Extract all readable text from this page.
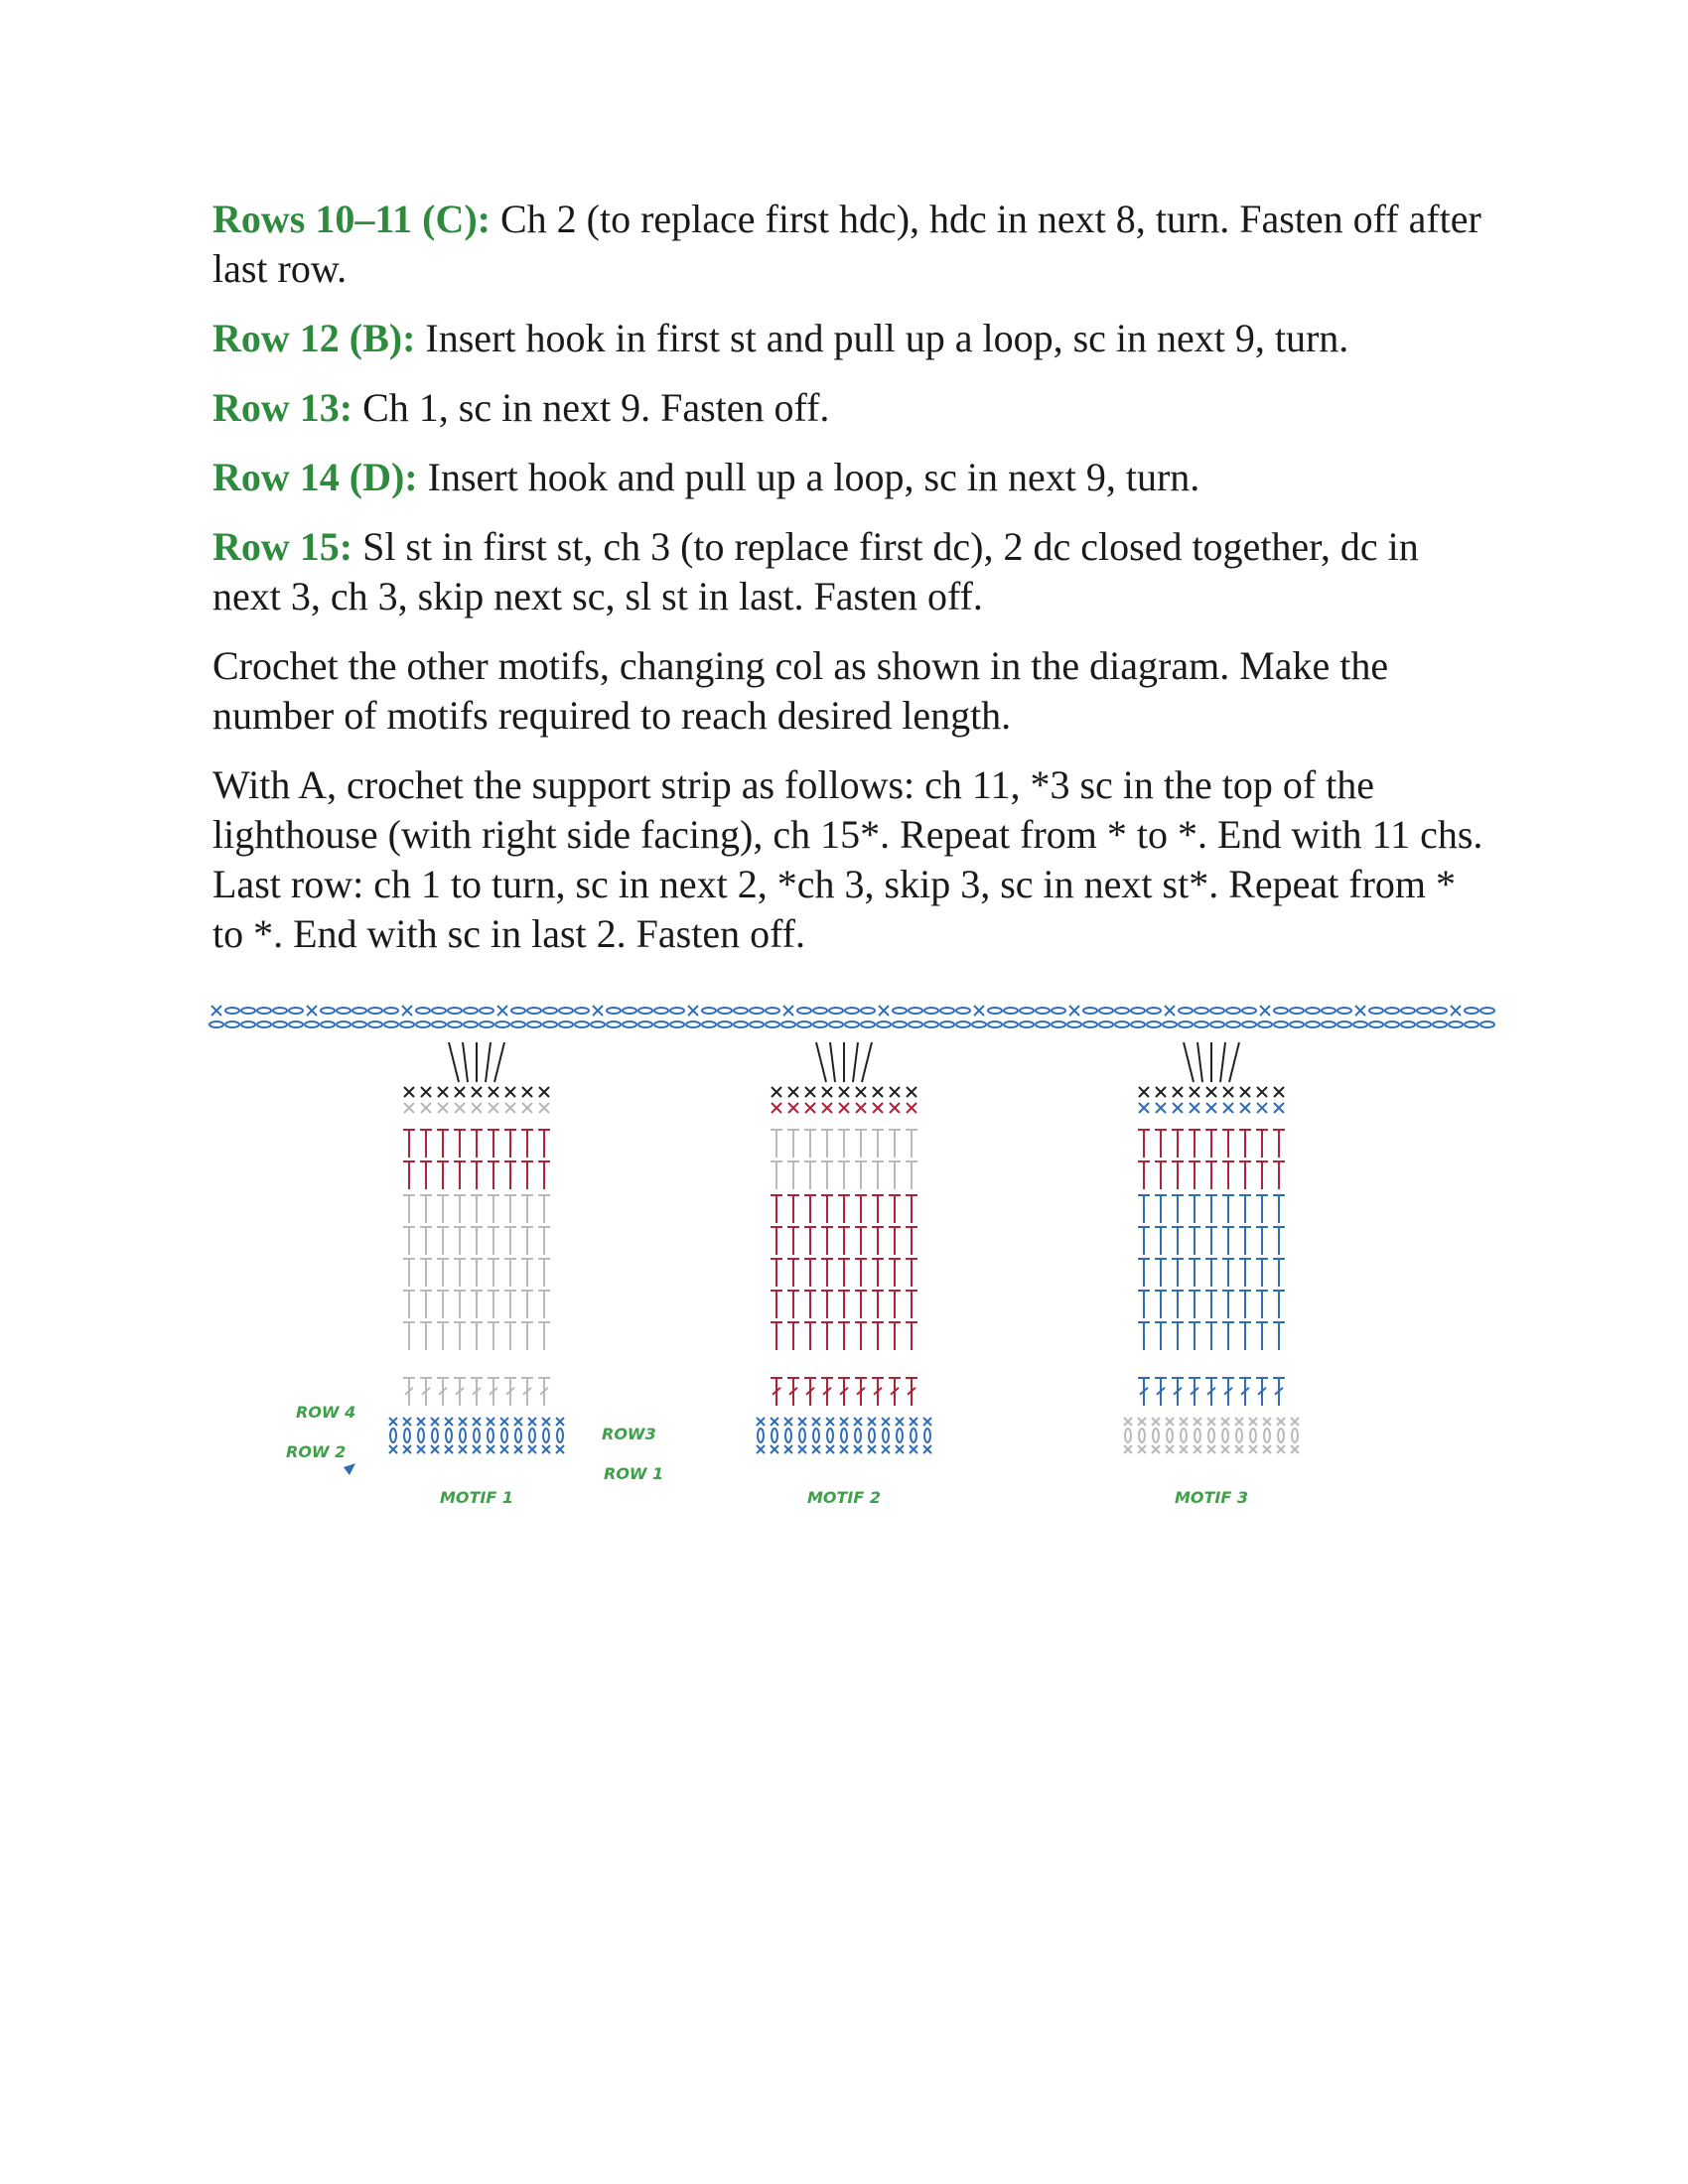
Rows 10–11 (C): Ch 2 (to replace first hdc), hdc in next 8, turn. Fasten off after last row.

Row 12 (B): Insert hook in first st and pull up a loop, sc in next 9, turn.

Row 13: Ch 1, sc in next 9. Fasten off.

Row 14 (D): Insert hook and pull up a loop, sc in next 9, turn.

Row 15: Sl st in first st, ch 3 (to replace first dc), 2 dc closed together, dc in next 3, ch 3, skip next sc, sl st in last. Fasten off.

Crochet the other motifs, changing col as shown in the diagram. Make the number of motifs required to reach desired length.

With A, crochet the support strip as follows: ch 11, *3 sc in the top of the lighthouse (with right side facing), ch 15*. Repeat from * to *. End with 11 chs. Last row: ch 1 to turn, sc in next 2, *ch 3, skip 3, sc in next st*. Repeat from * to *. End with sc in last 2. Fasten off.

ROW 4
ROW 2
ROW3
ROW 1
MOTIF 1	MOTIF 2	MOTIF 3
